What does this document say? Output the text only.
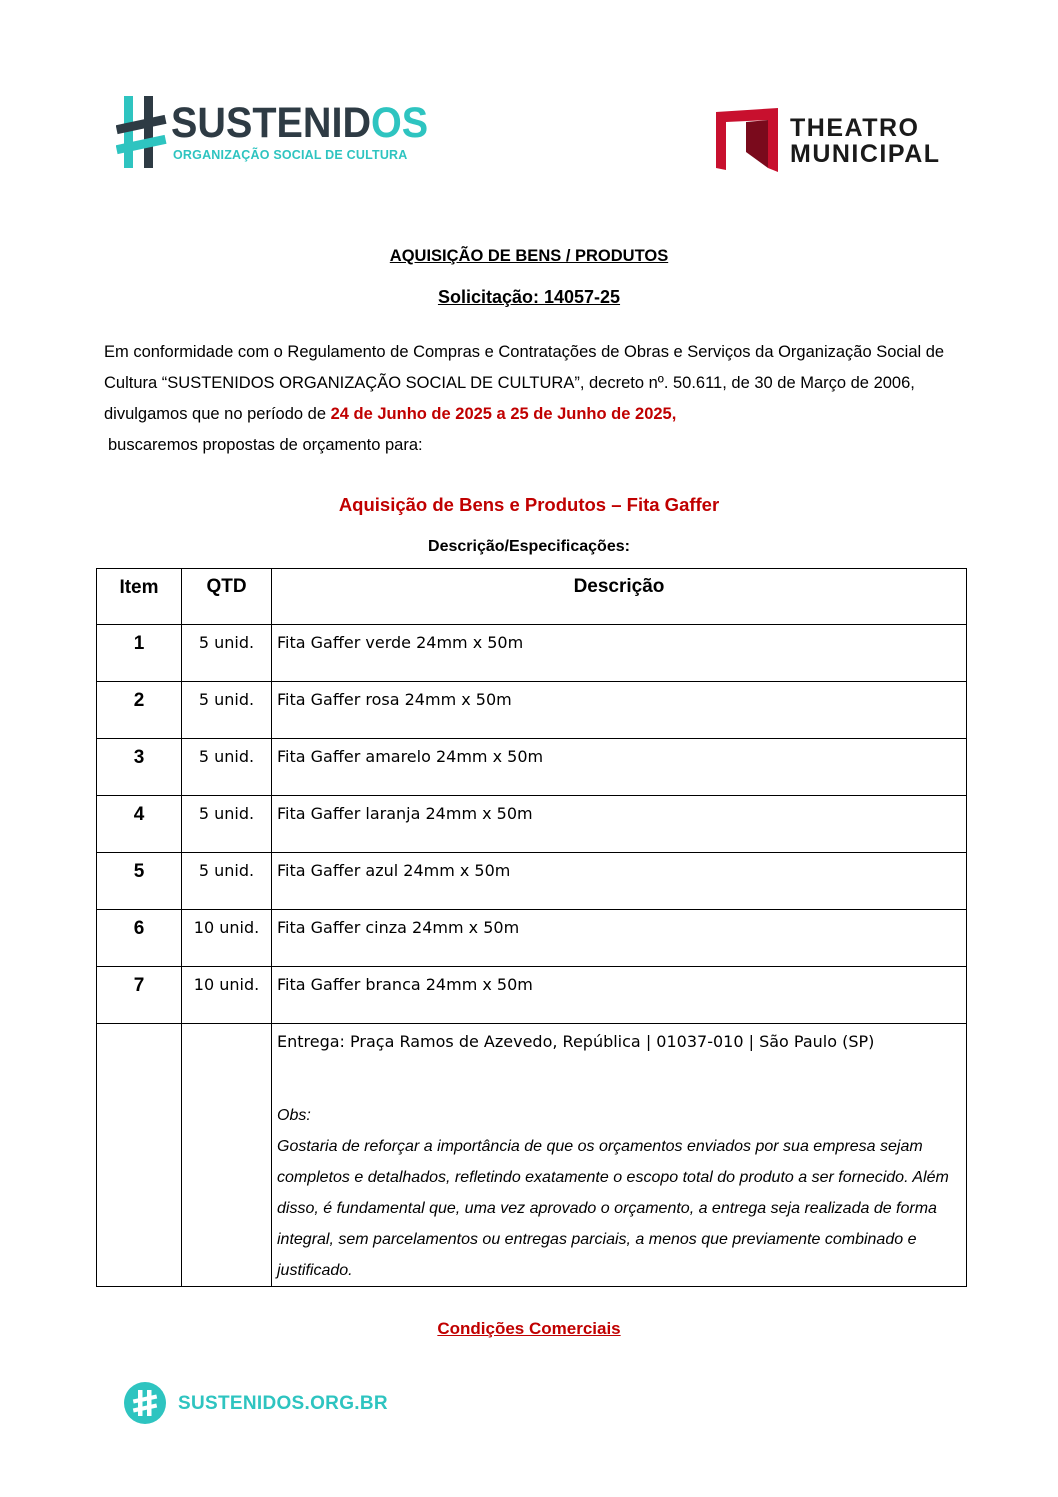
SUSTENIDOS
ORGANIZAÇÃO SOCIAL DE CULTURA
THEATRO
MUNICIPAL
AQUISIÇÃO DE BENS / PRODUTOS
Solicitação: 14057-25
Em conformidade com o Regulamento de Compras e Contratações de Obras e Serviços da Organização Social de Cultura “SUSTENIDOS ORGANIZAÇÃO SOCIAL DE CULTURA”, decreto nº. 50.611, de 30 de Março de 2006, divulgamos que no período de 24 de Junho de 2025 a 25 de Junho de 2025,
buscaremos propostas de orçamento para:
Aquisição de Bens e Produtos – Fita Gaffer
Descrição/Especificações:
Item	QTD	Descrição
1	5 unid.	Fita Gaffer verde 24mm x 50m
2	5 unid.	Fita Gaffer rosa 24mm x 50m
3	5 unid.	Fita Gaffer amarelo 24mm x 50m
4	5 unid.	Fita Gaffer laranja 24mm x 50m
5	5 unid.	Fita Gaffer azul 24mm x 50m
6	10 unid.	Fita Gaffer cinza 24mm x 50m
7	10 unid.	Fita Gaffer branca 24mm x 50m

		Entrega: Praça Ramos de Azevedo, República | 01037-010 | São Paulo (SP)
Obs:
Gostaria de reforçar a importância de que os orçamentos enviados por sua empresa sejam completos e detalhados, refletindo exatamente o escopo total do produto a ser fornecido. Além disso, é fundamental que, uma vez aprovado o orçamento, a entrega seja realizada de forma integral, sem parcelamentos ou entregas parciais, a menos que previamente combinado e justificado.
Condições Comerciais
SUSTENIDOS.ORG.BR
